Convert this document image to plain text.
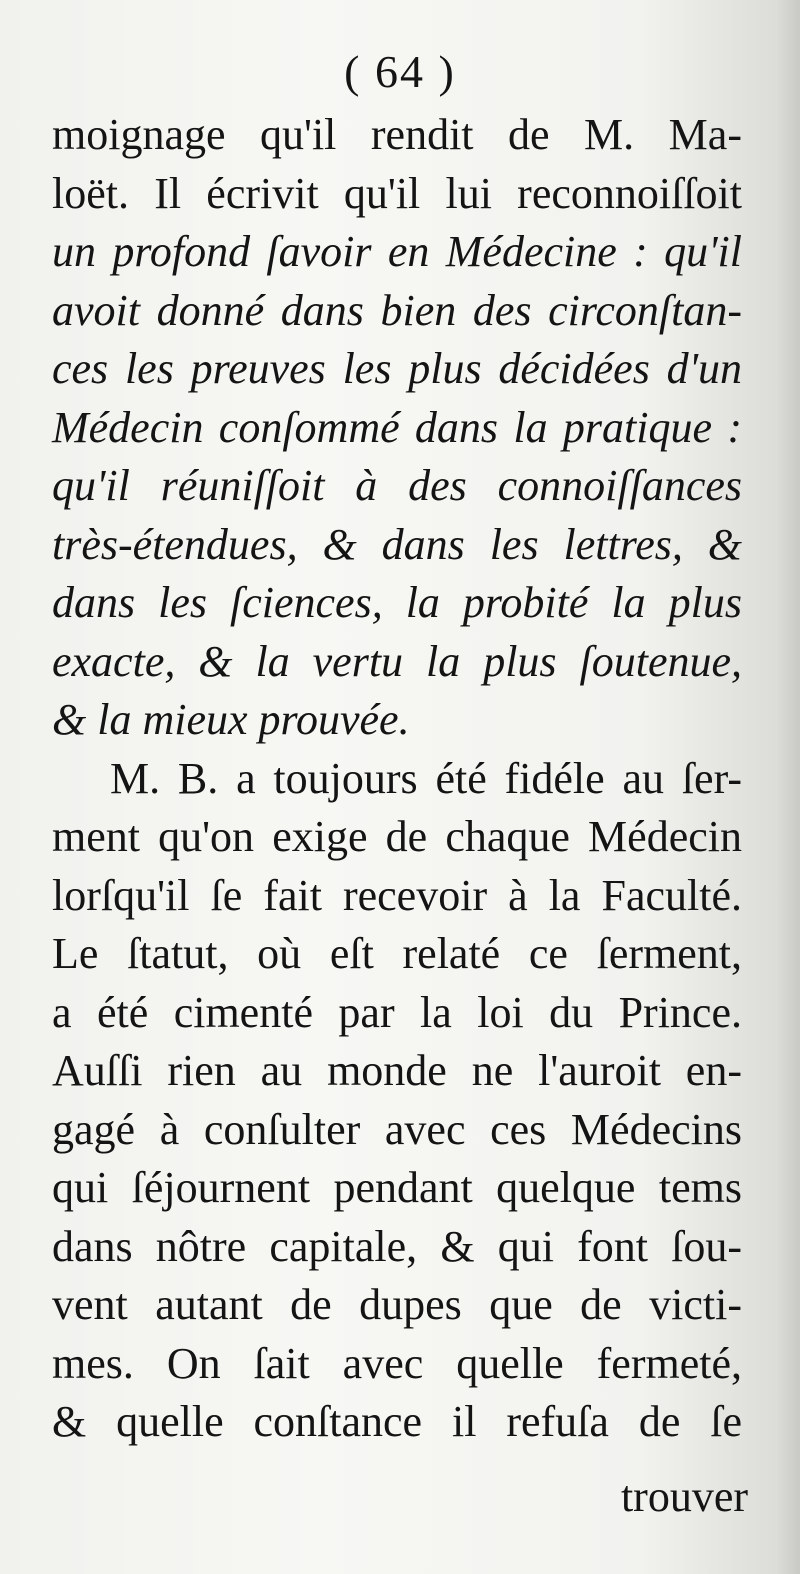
( 64 )
moignage qu'il rendit de M. Ma-
loët. Il écrivit qu'il lui reconnoiſſoit
un profond ſavoir en Médecine : qu'il
avoit donné dans bien des circonſtan-
ces les preuves les plus décidées d'un
Médecin conſommé dans la pratique :
qu'il réuniſſoit à des connoiſſances
très-étendues, & dans les lettres, &
dans les ſciences, la probité la plus
exacte, & la vertu la plus ſoutenue,
& la mieux prouvée.
M. B. a toujours été fidéle au ſer-
ment qu'on exige de chaque Médecin
lorſqu'il ſe fait recevoir à la Faculté.
Le ſtatut, où eſt relaté ce ſerment,
a été cimenté par la loi du Prince.
Auſſi rien au monde ne l'auroit en-
gagé à conſulter avec ces Médecins
qui ſéjournent pendant quelque tems
dans nôtre capitale, & qui font ſou-
vent autant de dupes que de victi-
mes. On ſait avec quelle fermeté,
& quelle conſtance il refuſa de ſe
trouver
